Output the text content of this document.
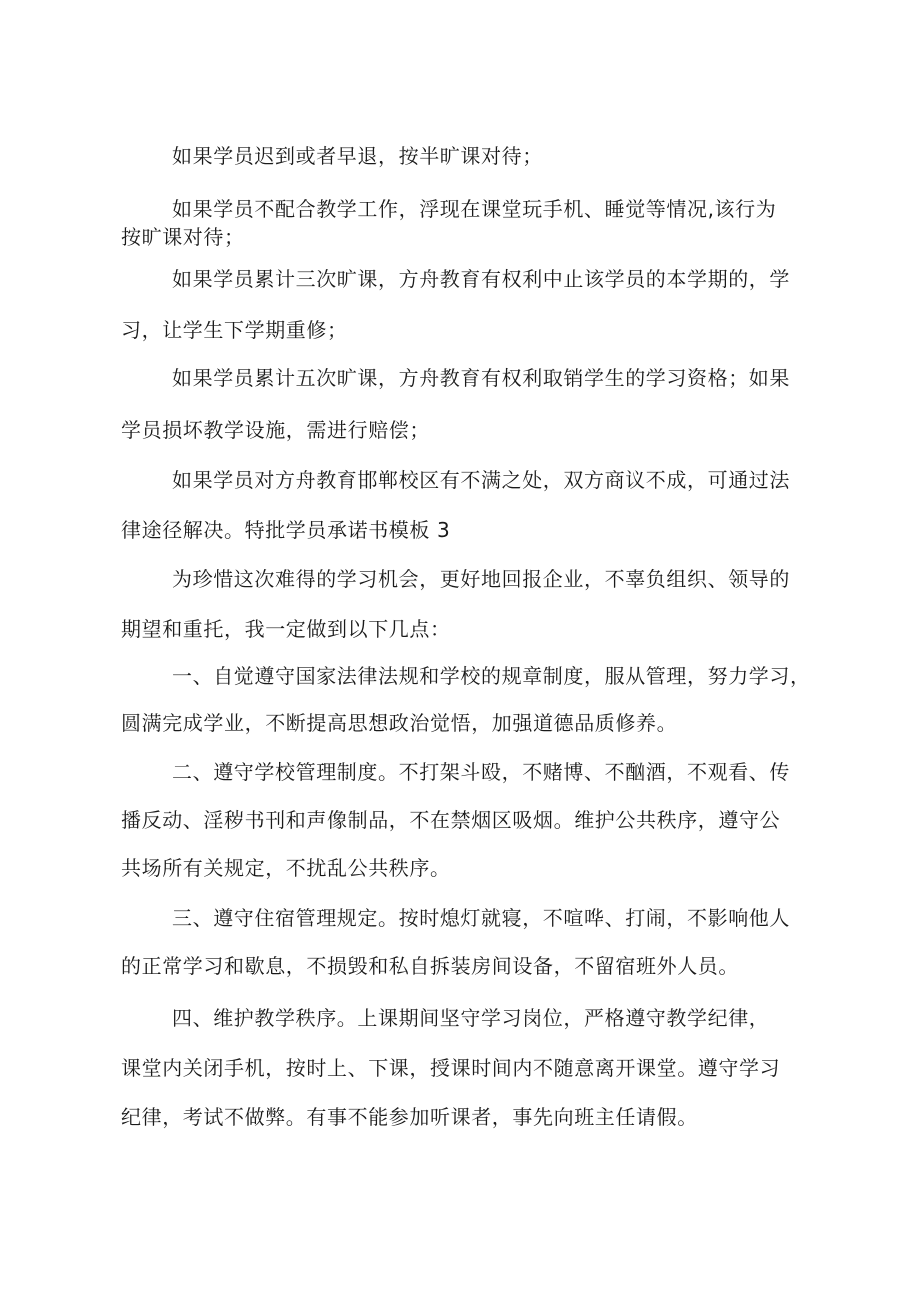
如果学员迟到或者早退，按半旷课对待；
如果学员不配合教学工作，浮现在课堂玩手机、睡觉等情况,该行为
按旷课对待；
如果学员累计三次旷课，方舟教育有权利中止该学员的本学期的，学
习，让学生下学期重修；
如果学员累计五次旷课，方舟教育有权利取销学生的学习资格；如果
学员损坏教学设施，需进行赔偿；
如果学员对方舟教育邯郸校区有不满之处，双方商议不成，可通过法
律途径解决。特批学员承诺书模板 3
为珍惜这次难得的学习机会，更好地回报企业，不辜负组织、领导的
期望和重托，我一定做到以下几点：
一、自觉遵守国家法律法规和学校的规章制度，服从管理，努力学习，
圆满完成学业，不断提高思想政治觉悟，加强道德品质修养。
二、遵守学校管理制度。不打架斗殴，不赌博、不酗酒，不观看、传
播反动、淫秽书刊和声像制品，不在禁烟区吸烟。维护公共秩序，遵守公
共场所有关规定，不扰乱公共秩序。
三、遵守住宿管理规定。按时熄灯就寝，不喧哗、打闹，不影响他人
的正常学习和歇息，不损毁和私自拆装房间设备，不留宿班外人员。
四、维护教学秩序。上课期间坚守学习岗位，严格遵守教学纪律，
课堂内关闭手机，按时上、下课，授课时间内不随意离开课堂。遵守学习
纪律，考试不做弊。有事不能参加听课者，事先向班主任请假。
